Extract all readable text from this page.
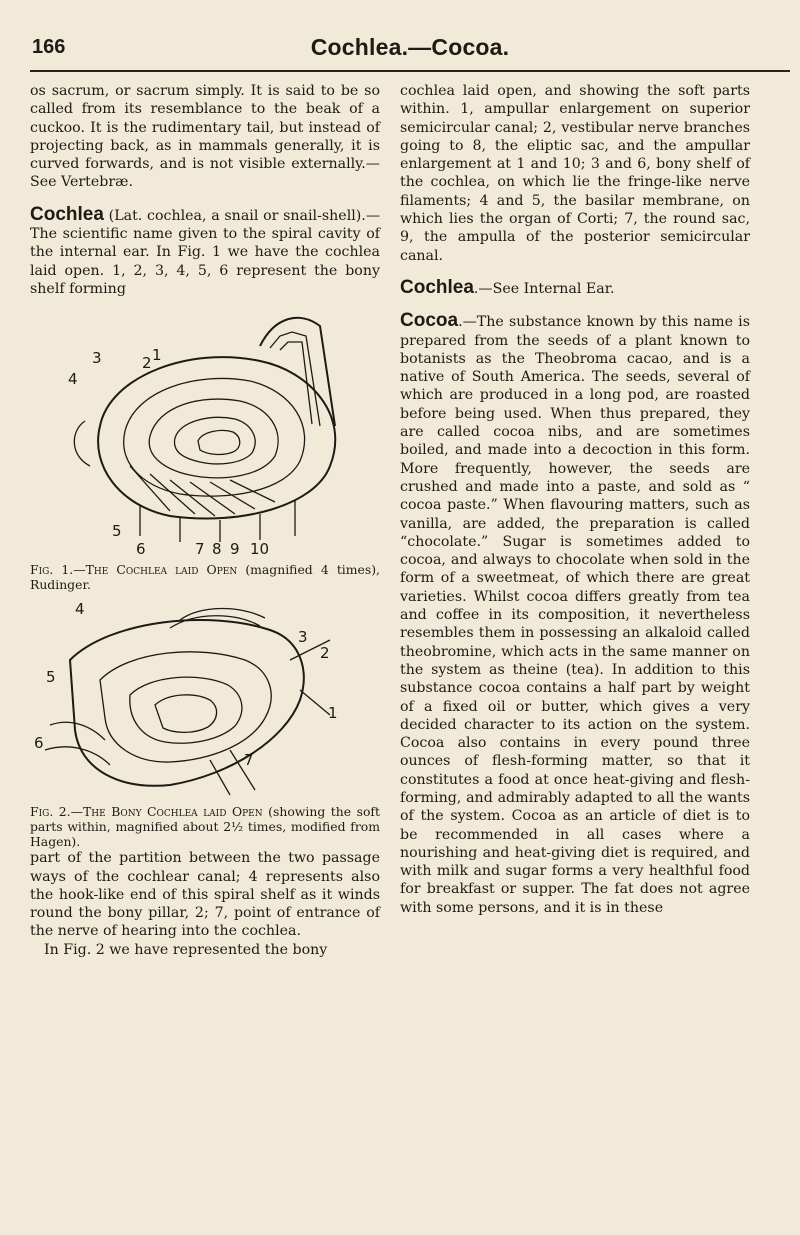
166	Cochlea.—Cocoa.

os sacrum, or sacrum simply. It is said to be so called from its resemblance to the beak of a cuckoo. It is the rudimentary tail, but instead of projecting back, as in mammals generally, it is curved forwards, and is not visible externally.—See Vertebræ.

Cochlea (Lat. cochlea, a snail or snail-shell).—The scientific name given to the spiral cavity of the internal ear. In Fig. 1 we have the cochlea laid open. 1, 2, 3, 4, 5, 6 represent the bony shelf forming

3	1
2
4
5
6	7 8 9 10

Fig. 1.—The Cochlea laid Open (magnified 4 times), Rudinger.

4
3
2
5
1
6
7

Fig. 2.—The Bony Cochlea laid Open (showing the soft parts within, magnified about 2½ times, modified from Hagen).

part of the partition between the two passage ways of the cochlear canal; 4 represents also the hook-like end of this spiral shelf as it winds round the bony pillar, 2; 7, point of entrance of the nerve of hearing into the cochlea.

In Fig. 2 we have represented the bony

cochlea laid open, and showing the soft parts within. 1, ampullar enlargement on superior semicircular canal; 2, vestibular nerve branches going to 8, the eliptic sac, and the ampullar enlargement at 1 and 10; 3 and 6, bony shelf of the cochlea, on which lie the fringe-like nerve filaments; 4 and 5, the basilar membrane, on which lies the organ of Corti; 7, the round sac, 9, the ampulla of the posterior semicircular canal.

Cochlea.—See Internal Ear.

Cocoa.—The substance known by this name is prepared from the seeds of a plant known to botanists as the Theobroma cacao, and is a native of South America. The seeds, several of which are produced in a long pod, are roasted before being used. When thus prepared, they are called cocoa nibs, and are sometimes boiled, and made into a decoction in this form. More frequently, however, the seeds are crushed and made into a paste, and sold as “ cocoa paste.” When flavouring matters, such as vanilla, are added, the preparation is called “chocolate.” Sugar is sometimes added to cocoa, and always to chocolate when sold in the form of a sweetmeat, of which there are great varieties. Whilst cocoa differs greatly from tea and coffee in its composition, it nevertheless resembles them in possessing an alkaloid called theobromine, which acts in the same manner on the system as theine (tea). In addition to this substance cocoa contains a half part by weight of a fixed oil or butter, which gives a very decided character to its action on the system. Cocoa also contains in every pound three ounces of flesh-forming matter, so that it constitutes a food at once heat-giving and flesh-forming, and admirably adapted to all the wants of the system. Cocoa as an article of diet is to be recommended in all cases where a nourishing and heat-giving diet is required, and with milk and sugar forms a very healthful food for breakfast or supper. The fat does not agree with some persons, and it is in these
